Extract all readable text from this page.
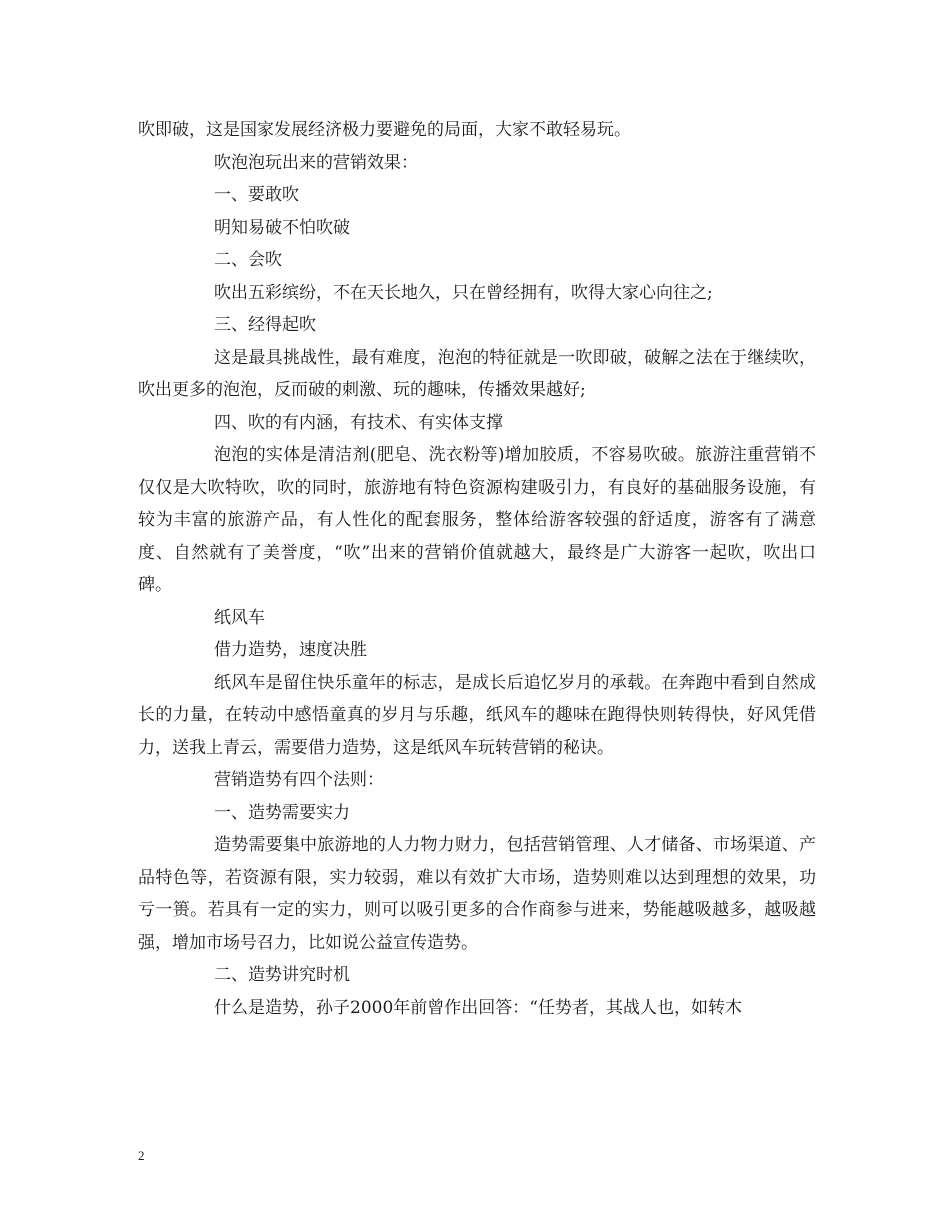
吹即破，这是国家发展经济极力要避免的局面，大家不敢轻易玩。

吹泡泡玩出来的营销效果：

一、要敢吹

明知易破不怕吹破

二、会吹

吹出五彩缤纷，不在天长地久，只在曾经拥有，吹得大家心向往之;

三、经得起吹

这是最具挑战性，最有难度，泡泡的特征就是一吹即破，破解之法在于继续吹，吹出更多的泡泡，反而破的刺激、玩的趣味，传播效果越好;

四、吹的有内涵，有技术、有实体支撑

泡泡的实体是清洁剂(肥皂、洗衣粉等)增加胶质，不容易吹破。旅游注重营销不仅仅是大吹特吹，吹的同时，旅游地有特色资源构建吸引力，有良好的基础服务设施，有较为丰富的旅游产品，有人性化的配套服务，整体给游客较强的舒适度，游客有了满意度、自然就有了美誉度，“吹”出来的营销价值就越大，最终是广大游客一起吹，吹出口碑。

纸风车

借力造势，速度决胜

纸风车是留住快乐童年的标志，是成长后追忆岁月的承载。在奔跑中看到自然成长的力量，在转动中感悟童真的岁月与乐趣，纸风车的趣味在跑得快则转得快，好风凭借力，送我上青云，需要借力造势，这是纸风车玩转营销的秘诀。

营销造势有四个法则：

一、造势需要实力

造势需要集中旅游地的人力物力财力，包括营销管理、人才储备、市场渠道、产品特色等，若资源有限，实力较弱，难以有效扩大市场，造势则难以达到理想的效果，功亏一篑。若具有一定的实力，则可以吸引更多的合作商参与进来，势能越吸越多，越吸越强，增加市场号召力，比如说公益宣传造势。

二、造势讲究时机

什么是造势，孙子2000年前曾作出回答：“任势者，其战人也，如转木

2
